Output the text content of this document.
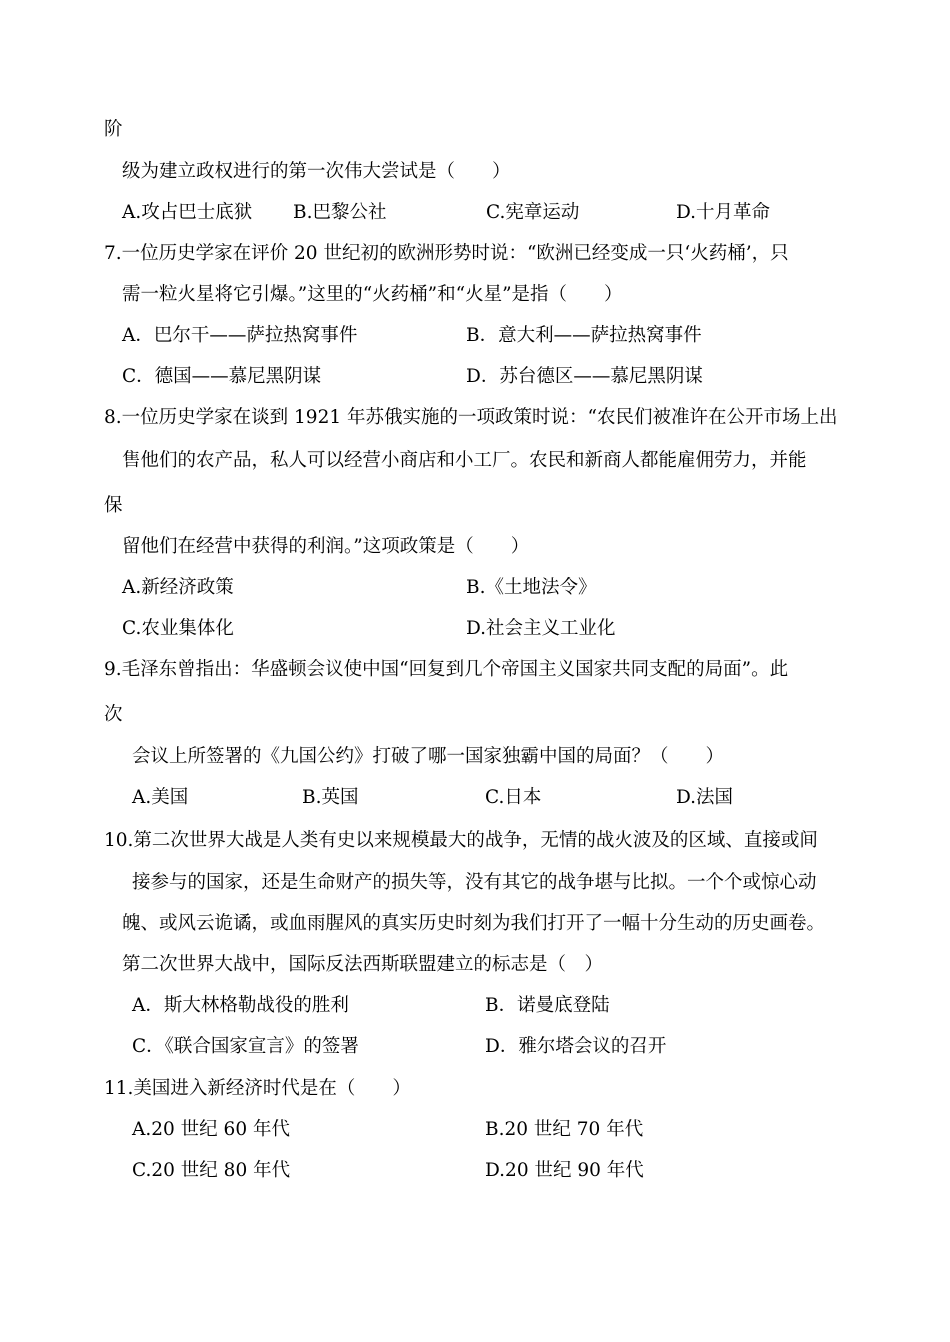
阶
级为建立政权进行的第一次伟大尝试是（　　）
A.攻占巴士底狱 B.巴黎公社	C.宪章运动	D.十月革命
7.一位历史学家在评价 20 世纪初的欧洲形势时说：“欧洲已经变成一只‘火药桶’，只
需一粒火星将它引爆。”这里的“火药桶”和“火星”是指（　　）
A．巴尔干——萨拉热窝事件	B．意大利——萨拉热窝事件
C．德国——慕尼黑阴谋	D．苏台德区——慕尼黑阴谋
8.一位历史学家在谈到 1921 年苏俄实施的一项政策时说：“农民们被准许在公开市场上出
售他们的农产品，私人可以经营小商店和小工厂。农民和新商人都能雇佣劳力，并能
保
留他们在经营中获得的利润。”这项政策是（　　）
A.新经济政策	B.《土地法令》
C.农业集体化	D.社会主义工业化
9.毛泽东曾指出：华盛顿会议使中国“回复到几个帝国主义国家共同支配的局面”。此
次
会议上所签署的《九国公约》打破了哪一国家独霸中国的局面？（　　）
A.美国	B.英国	C.日本	D.法国
10.第二次世界大战是人类有史以来规模最大的战争，无情的战火波及的区域、直接或间
接参与的国家，还是生命财产的损失等，没有其它的战争堪与比拟。一个个或惊心动
魄、或风云诡谲，或血雨腥风的真实历史时刻为我们打开了一幅十分生动的历史画卷。
第二次世界大战中，国际反法西斯联盟建立的标志是（　）
A．斯大林格勒战役的胜利	B．诺曼底登陆
C．《联合国家宣言》的签署	D．雅尔塔会议的召开
11.美国进入新经济时代是在（　　）
A.20 世纪 60 年代	B.20 世纪 70 年代
C.20 世纪 80 年代	D.20 世纪 90 年代
